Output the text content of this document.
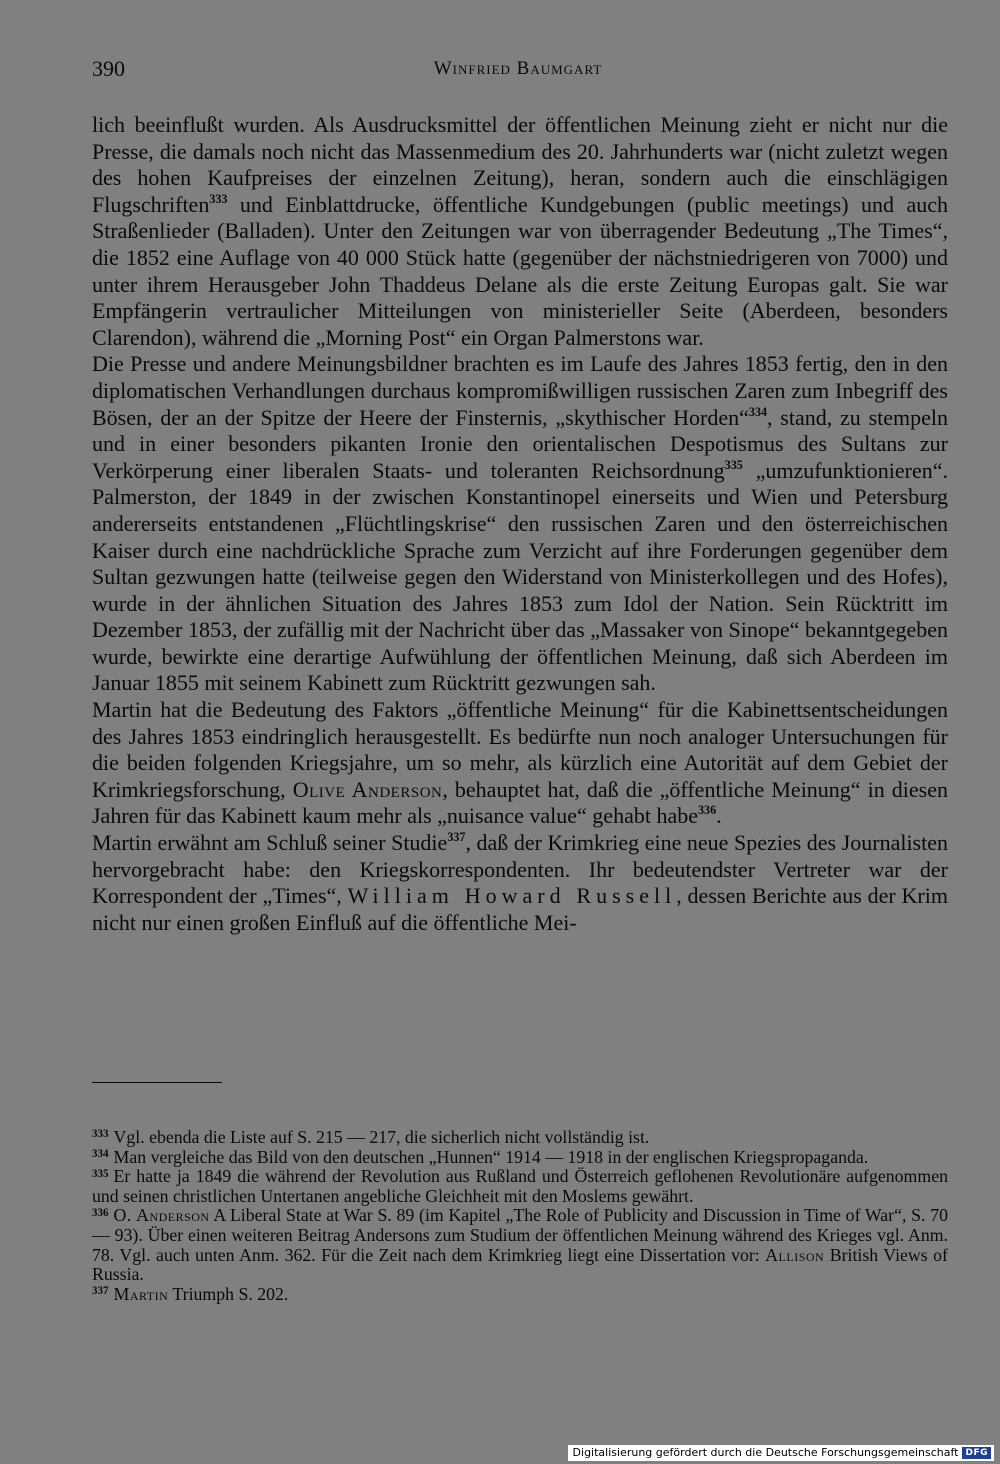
390	Winfried Baumgart

lich beeinflußt wurden. Als Ausdrucksmittel der öffentlichen Meinung zieht er nicht nur die Presse, die damals noch nicht das Massenmedium des 20. Jahrhunderts war (nicht zuletzt wegen des hohen Kaufpreises der einzelnen Zeitung), heran, sondern auch die einschlägigen Flugschriften$^{333}$ und Einblattdrucke, öffentliche Kundgebungen (public meetings) und auch Straßenlieder (Balladen). Unter den Zeitungen war von überragender Bedeutung „The Times“, die 1852 eine Auflage von 40 000 Stück hatte (gegenüber der nächstniedrigeren von 7000) und unter ihrem Herausgeber John Thaddeus Delane als die erste Zeitung Europas galt. Sie war Empfängerin vertraulicher Mitteilungen von ministerieller Seite (Aberdeen, besonders Clarendon), während die „Morning Post“ ein Organ Palmerstons war.

Die Presse und andere Meinungsbildner brachten es im Laufe des Jahres 1853 fertig, den in den diplomatischen Verhandlungen durchaus kompromißwilligen russischen Zaren zum Inbegriff des Bösen, der an der Spitze der Heere der Finsternis, „skythischer Horden“$^{334}$, stand, zu stempeln und in einer besonders pikanten Ironie den orientalischen Despotismus des Sultans zur Verkörperung einer liberalen Staats- und toleranten Reichsordnung$^{335}$ „umzufunktionieren“. Palmerston, der 1849 in der zwischen Konstantinopel einerseits und Wien und Petersburg andererseits entstandenen „Flüchtlingskrise“ den russischen Zaren und den österreichischen Kaiser durch eine nachdrückliche Sprache zum Verzicht auf ihre Forderungen gegenüber dem Sultan gezwungen hatte (teilweise gegen den Widerstand von Ministerkollegen und des Hofes), wurde in der ähnlichen Situation des Jahres 1853 zum Idol der Nation. Sein Rücktritt im Dezember 1853, der zufällig mit der Nachricht über das „Massaker von Sinope“ bekanntgegeben wurde, bewirkte eine derartige Aufwühlung der öffentlichen Meinung, daß sich Aberdeen im Januar 1855 mit seinem Kabinett zum Rücktritt gezwungen sah.

Martin hat die Bedeutung des Faktors „öffentliche Meinung“ für die Kabinettsentscheidungen des Jahres 1853 eindringlich herausgestellt. Es bedürfte nun noch analoger Untersuchungen für die beiden folgenden Kriegsjahre, um so mehr, als kürzlich eine Autorität auf dem Gebiet der Krimkriegsforschung, Olive Anderson, behauptet hat, daß die „öffentliche Meinung“ in diesen Jahren für das Kabinett kaum mehr als „nuisance value“ gehabt habe$^{336}$.

Martin erwähnt am Schluß seiner Studie$^{337}$, daß der Krimkrieg eine neue Spezies des Journalisten hervorgebracht habe: den Kriegskorrespondenten. Ihr bedeutendster Vertreter war der Korrespondent der „Times“, William Howard Russell, dessen Berichte aus der Krim nicht nur einen großen Einfluß auf die öffentliche Mei-

$^{333}$ Vgl. ebenda die Liste auf S. 215 — 217, die sicherlich nicht vollständig ist.

$^{334}$ Man vergleiche das Bild von den deutschen „Hunnen“ 1914 — 1918 in der englischen Kriegspropaganda.

$^{335}$ Er hatte ja 1849 die während der Revolution aus Rußland und Österreich geflohenen Revolutionäre aufgenommen und seinen christlichen Untertanen angebliche Gleichheit mit den Moslems gewährt.

$^{336}$ O. Anderson A Liberal State at War S. 89 (im Kapitel „The Role of Publicity and Discussion in Time of War“, S. 70 — 93). Über einen weiteren Beitrag Andersons zum Studium der öffentlichen Meinung während des Krieges vgl. Anm. 78. Vgl. auch unten Anm. 362. Für die Zeit nach dem Krimkrieg liegt eine Dissertation vor: Allison British Views of Russia.

$^{337}$ Martin Triumph S. 202.

Digitalisierung gefördert durch die Deutsche Forschungsgemeinschaft DFG
